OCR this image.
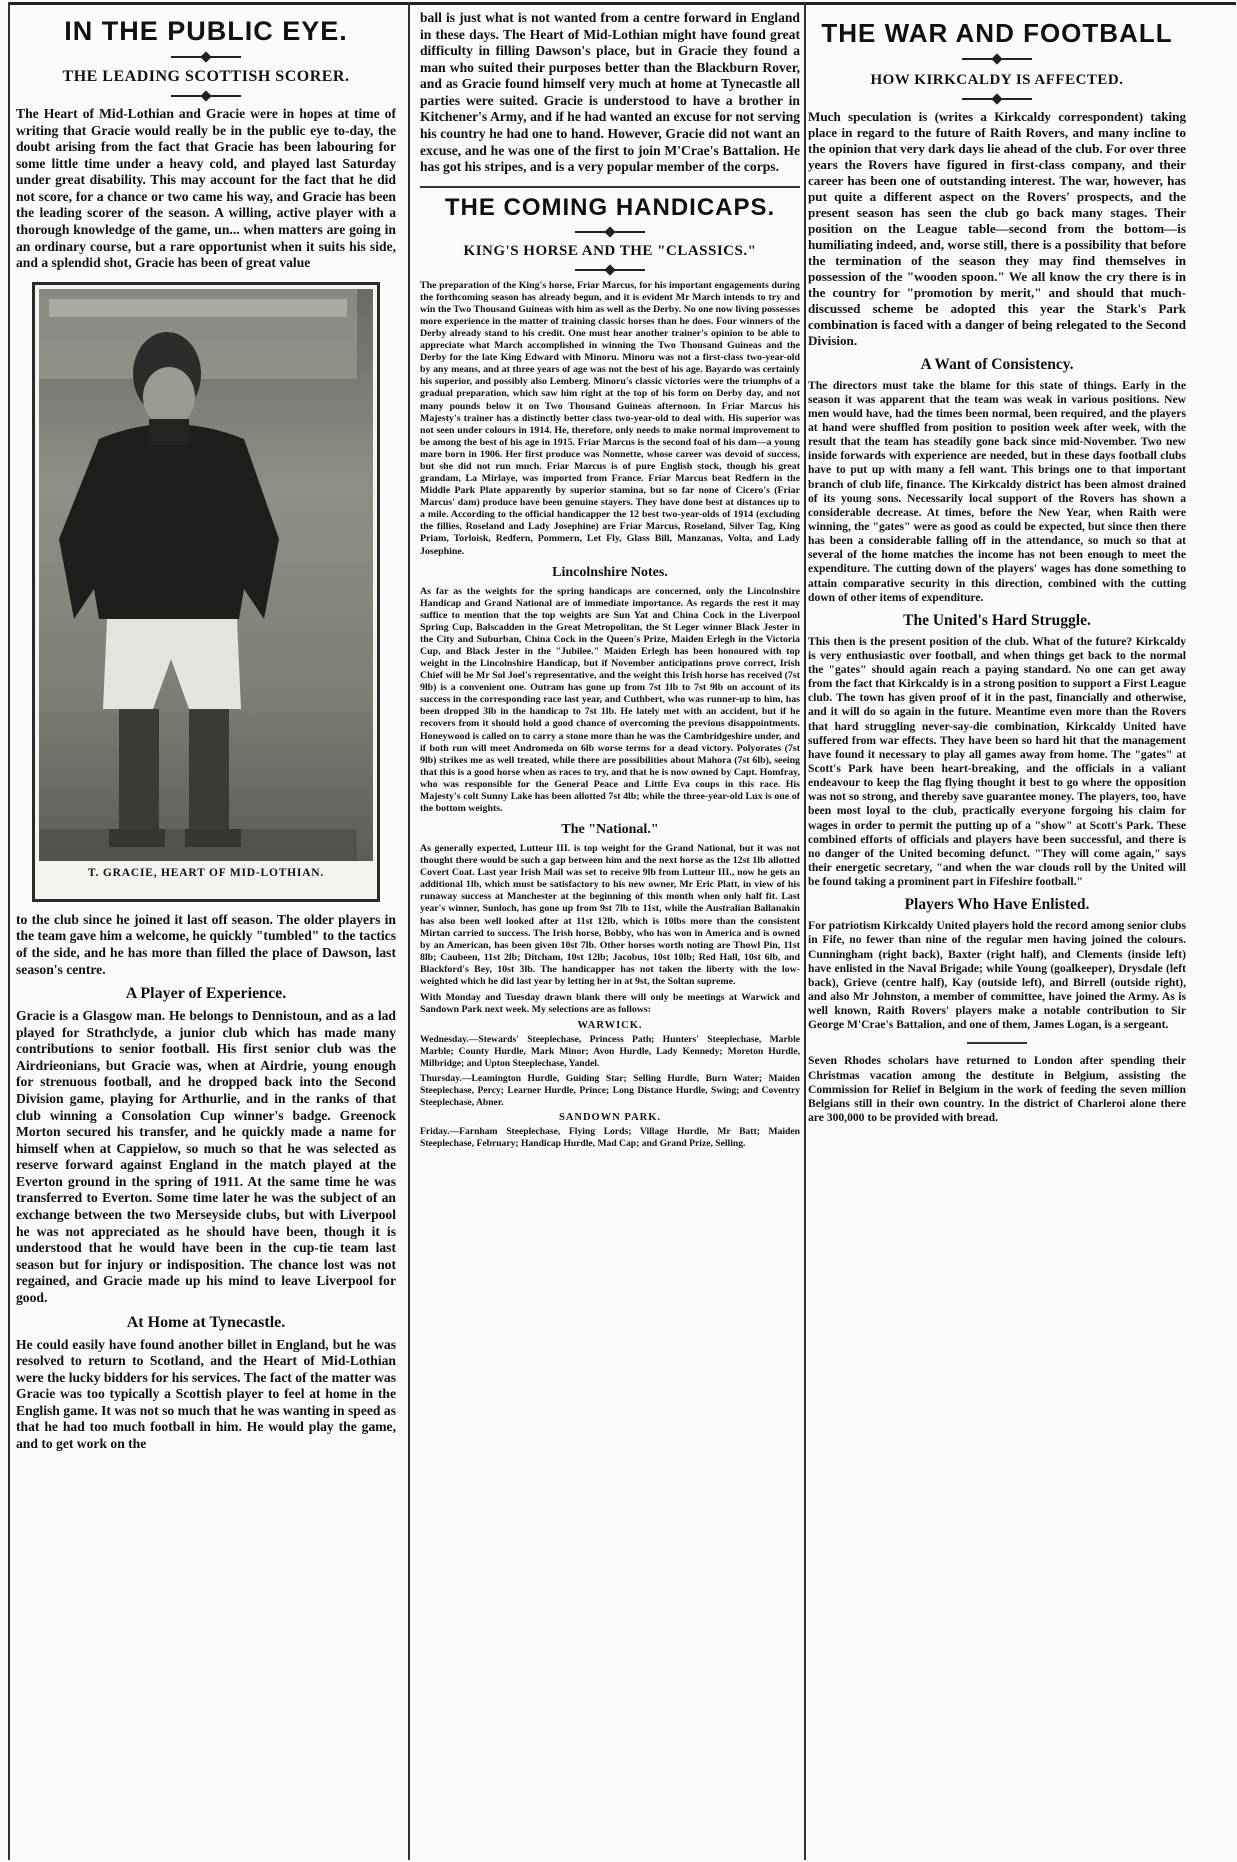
IN THE PUBLIC EYE.
THE LEADING SCOTTISH SCORER.

The Heart of Mid-Lothian and Gracie were in hopes at time of writing that Gracie would really be in the public eye to-day, the doubt arising from the fact that Gracie has been labouring for some little time under a heavy cold, and played last Saturday under great disability. This may account for the fact that he did not score, for a chance or two came his way, and Gracie has been the leading scorer of the season. A willing, active player with a thorough knowledge of the game, un... when matters are going in an ordinary course, but a rare opportunist when it suits his side, and a splendid shot, Gracie has been of great value

T. GRACIE, HEART OF MID-LOTHIAN.

to the club since he joined it last off season. The older players in the team gave him a welcome, he quickly "tumbled" to the tactics of the side, and he has more than filled the place of Dawson, last season's centre.

A Player of Experience.

Gracie is a Glasgow man. He belongs to Dennistoun, and as a lad played for Strathclyde, a junior club which has made many contributions to senior football. His first senior club was the Airdrieonians, but Gracie was, when at Airdrie, young enough for strenuous football, and he dropped back into the Second Division game, playing for Arthurlie, and in the ranks of that club winning a Consolation Cup winner's badge. Greenock Morton secured his transfer, and he quickly made a name for himself when at Cappielow, so much so that he was selected as reserve forward against England in the match played at the Everton ground in the spring of 1911. At the same time he was transferred to Everton. Some time later he was the subject of an exchange between the two Merseyside clubs, but with Liverpool he was not appreciated as he should have been, though it is understood that he would have been in the cup-tie team last season but for injury or indisposition. The chance lost was not regained, and Gracie made up his mind to leave Liverpool for good.

At Home at Tynecastle.

He could easily have found another billet in England, but he was resolved to return to Scotland, and the Heart of Mid-Lothian were the lucky bidders for his services. The fact of the matter was Gracie was too typically a Scottish player to feel at home in the English game. It was not so much that he was wanting in speed as that he had too much football in him. He would play the game, and to get work on the

ball is just what is not wanted from a centre forward in England in these days. The Heart of Mid-Lothian might have found great difficulty in filling Dawson's place, but in Gracie they found a man who suited their purposes better than the Blackburn Rover, and as Gracie found himself very much at home at Tynecastle all parties were suited. Gracie is understood to have a brother in Kitchener's Army, and if he had wanted an excuse for not serving his country he had one to hand. However, Gracie did not want an excuse, and he was one of the first to join M'Crae's Battalion. He has got his stripes, and is a very popular member of the corps.

THE COMING HANDICAPS.
KING'S HORSE AND THE "CLASSICS."

The preparation of the King's horse, Friar Marcus, for his important engagements during the forthcoming season has already begun, and it is evident Mr March intends to try and win the Two Thousand Guineas with him as well as the Derby. No one now living possesses more experience in the matter of training classic horses than he does. Four winners of the Derby already stand to his credit. One must hear another trainer's opinion to be able to appreciate what March accomplished in winning the Two Thousand Guineas and the Derby for the late King Edward with Minoru. Minoru was not a first-class two-year-old by any means, and at three years of age was not the best of his age. Bayardo was certainly his superior, and possibly also Lemberg. Minoru's classic victories were the triumphs of a gradual preparation, which saw him right at the top of his form on Derby day, and not many pounds below it on Two Thousand Guineas afternoon. In Friar Marcus his Majesty's trainer has a distinctly better class two-year-old to deal with. His superior was not seen under colours in 1914. He, therefore, only needs to make normal improvement to be among the best of his age in 1915. Friar Marcus is the second foal of his dam—a young mare born in 1906. Her first produce was Nonnette, whose career was devoid of success, but she did not run much. Friar Marcus is of pure English stock, though his great grandam, La Mirlaye, was imported from France. Friar Marcus beat Redfern in the Middle Park Plate apparently by superior stamina, but so far none of Cicero's (Friar Marcus' dam) produce have been genuine stayers. They have done best at distances up to a mile. According to the official handicapper the 12 best two-year-olds of 1914 (excluding the fillies, Roseland and Lady Josephine) are Friar Marcus, Roseland, Silver Tag, King Priam, Torloisk, Redfern, Pommern, Let Fly, Glass Bill, Manzanas, Volta, and Lady Josephine.

Lincolnshire Notes.

As far as the weights for the spring handicaps are concerned, only the Lincolnshire Handicap and Grand National are of immediate importance. As regards the rest it may suffice to mention that the top weights are Sun Yat and China Cock in the Liverpool Spring Cup, Balscadden in the Great Metropolitan, the St Leger winner Black Jester in the City and Suburban, China Cock in the Queen's Prize, Maiden Erlegh in the Victoria Cup, and Black Jester in the "Jubilee." Maiden Erlegh has been honoured with top weight in the Lincolnshire Handicap, but if November anticipations prove correct, Irish Chief will be Mr Sol Joel's representative, and the weight this Irish horse has received (7st 9lb) is a convenient one. Outram has gone up from 7st 1lb to 7st 9lb on account of its success in the corresponding race last year, and Cuthbert, who was runner-up to him, has been dropped 3lb in the handicap to 7st 1lb. He lately met with an accident, but if he recovers from it should hold a good chance of overcoming the previous disappointments. Honeywood is called on to carry a stone more than he was the Cambridgeshire under, and if both run will meet Andromeda on 6lb worse terms for a dead victory. Polyorates (7st 9lb) strikes me as well treated, while there are possibilities about Mahora (7st 6lb), seeing that this is a good horse when as races to try, and that he is now owned by Capt. Homfray, who was responsible for the General Peace and Little Eva coups in this race. His Majesty's colt Sunny Lake has been allotted 7st 4lb; while the three-year-old Lux is one of the bottom weights.

The "National."

As generally expected, Lutteur III. is top weight for the Grand National, but it was not thought there would be such a gap between him and the next horse as the 12st 1lb allotted Covert Coat. Last year Irish Mail was set to receive 9lb from Lutteur III., now he gets an additional 1lb, which must be satisfactory to his new owner, Mr Eric Platt, in view of his runaway success at Manchester at the beginning of this month when only half fit. Last year's winner, Sunloch, has gone up from 9st 7lb to 11st, while the Australian Ballanakin has also been well looked after at 11st 12lb, which is 10lbs more than the consistent Mirtan carried to success. The Irish horse, Bobby, who has won in America and is owned by an American, has been given 10st 7lb. Other horses worth noting are Thowl Pin, 11st 8lb; Caubeen, 11st 2lb; Ditcham, 10st 12lb; Jacobus, 10st 10lb; Red Hall, 10st 6lb, and Blackford's Bey, 10st 3lb. The handicapper has not taken the liberty with the low-weighted which he did last year by letting her in at 9st, the Soltan supreme.

With Monday and Tuesday drawn blank there will only be meetings at Warwick and Sandown Park next week. My selections are as follows:

WARWICK.

Wednesday.—Stewards' Steeplechase, Princess Path; Hunters' Steeplechase, Marble Marble; County Hurdle, Mark Minor; Avon Hurdle, Lady Kennedy; Moreton Hurdle, Milbridge; and Upton Steeplechase, Yandel.

Thursday.—Leamington Hurdle, Guiding Star; Selling Hurdle, Burn Water; Maiden Steeplechase, Percy; Learner Hurdle, Prince; Long Distance Hurdle, Swing; and Coventry Steeplechase, Abner.

SANDOWN PARK.

Friday.—Farnham Steeplechase, Flying Lords; Village Hurdle, Mr Batt; Maiden Steeplechase, February; Handicap Hurdle, Mad Cap; and Grand Prize, Selling.

THE WAR AND FOOTBALL
HOW KIRKCALDY IS AFFECTED.

Much speculation is (writes a Kirkcaldy correspondent) taking place in regard to the future of Raith Rovers, and many incline to the opinion that very dark days lie ahead of the club. For over three years the Rovers have figured in first-class company, and their career has been one of outstanding interest. The war, however, has put quite a different aspect on the Rovers' prospects, and the present season has seen the club go back many stages. Their position on the League table—second from the bottom—is humiliating indeed, and, worse still, there is a possibility that before the termination of the season they may find themselves in possession of the "wooden spoon." We all know the cry there is in the country for "promotion by merit," and should that much-discussed scheme be adopted this year the Stark's Park combination is faced with a danger of being relegated to the Second Division.

A Want of Consistency.

The directors must take the blame for this state of things. Early in the season it was apparent that the team was weak in various positions. New men would have, had the times been normal, been required, and the players at hand were shuffled from position to position week after week, with the result that the team has steadily gone back since mid-November. Two new inside forwards with experience are needed, but in these days football clubs have to put up with many a fell want. This brings one to that important branch of club life, finance. The Kirkcaldy district has been almost drained of its young sons. Necessarily local support of the Rovers has shown a considerable decrease. At times, before the New Year, when Raith were winning, the "gates" were as good as could be expected, but since then there has been a considerable falling off in the attendance, so much so that at several of the home matches the income has not been enough to meet the expenditure. The cutting down of the players' wages has done something to attain comparative security in this direction, combined with the cutting down of other items of expenditure.

The United's Hard Struggle.

This then is the present position of the club. What of the future? Kirkcaldy is very enthusiastic over football, and when things get back to the normal the "gates" should again reach a paying standard. No one can get away from the fact that Kirkcaldy is in a strong position to support a First League club. The town has given proof of it in the past, financially and otherwise, and it will do so again in the future. Meantime even more than the Rovers that hard struggling never-say-die combination, Kirkcaldy United have suffered from war effects. They have been so hard hit that the management have found it necessary to play all games away from home. The "gates" at Scott's Park have been heart-breaking, and the officials in a valiant endeavour to keep the flag flying thought it best to go where the opposition was not so strong, and thereby save guarantee money. The players, too, have been most loyal to the club, practically everyone forgoing his claim for wages in order to permit the putting up of a "show" at Scott's Park. These combined efforts of officials and players have been successful, and there is no danger of the United becoming defunct. "They will come again," says their energetic secretary, "and when the war clouds roll by the United will be found taking a prominent part in Fifeshire football."

Players Who Have Enlisted.

For patriotism Kirkcaldy United players hold the record among senior clubs in Fife, no fewer than nine of the regular men having joined the colours. Cunningham (right back), Baxter (right half), and Clements (inside left) have enlisted in the Naval Brigade; while Young (goalkeeper), Drysdale (left back), Grieve (centre half), Kay (outside left), and Birrell (outside right), and also Mr Johnston, a member of committee, have joined the Army. As is well known, Raith Rovers' players make a notable contribution to Sir George M'Crae's Battalion, and one of them, James Logan, is a sergeant.

Seven Rhodes scholars have returned to London after spending their Christmas vacation among the destitute in Belgium, assisting the Commission for Relief in Belgium in the work of feeding the seven million Belgians still in their own country. In the district of Charleroi alone there are 300,000 to be provided with bread.
